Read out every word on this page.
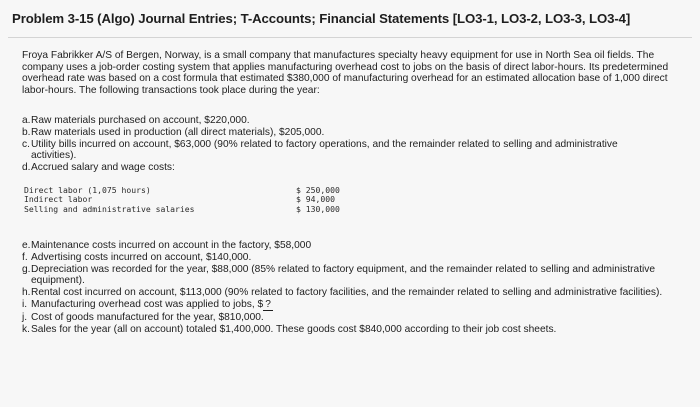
Problem 3-15 (Algo) Journal Entries; T-Accounts; Financial Statements [LO3-1, LO3-2, LO3-3, LO3-4]
Froya Fabrikker A/S of Bergen, Norway, is a small company that manufactures specialty heavy equipment for use in North Sea oil fields. The company uses a job-order costing system that applies manufacturing overhead cost to jobs on the basis of direct labor-hours. Its predetermined overhead rate was based on a cost formula that estimated $380,000 of manufacturing overhead for an estimated allocation base of 1,000 direct labor-hours. The following transactions took place during the year:
a. Raw materials purchased on account, $220,000.
b. Raw materials used in production (all direct materials), $205,000.
c. Utility bills incurred on account, $63,000 (90% related to factory operations, and the remainder related to selling and administrative activities).
d. Accrued salary and wage costs:
Direct labor (1,075 hours)	$ 250,000
Indirect labor	$ 94,000
Selling and administrative salaries	$ 130,000
e. Maintenance costs incurred on account in the factory, $58,000
f. Advertising costs incurred on account, $140,000.
g. Depreciation was recorded for the year, $88,000 (85% related to factory equipment, and the remainder related to selling and administrative equipment).
h. Rental cost incurred on account, $113,000 (90% related to factory facilities, and the remainder related to selling and administrative facilities).
i. Manufacturing overhead cost was applied to jobs, $ ?
j. Cost of goods manufactured for the year, $810,000.
k. Sales for the year (all on account) totaled $1,400,000. These goods cost $840,000 according to their job cost sheets.
